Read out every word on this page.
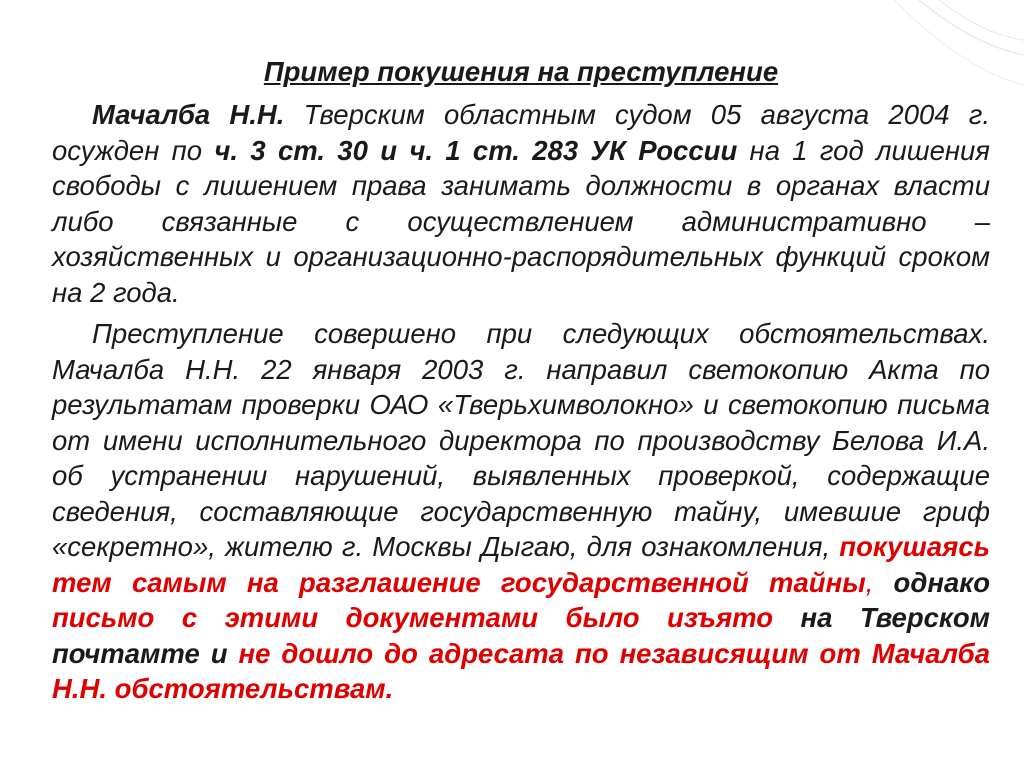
Пример покушения на преступление
Мачалба Н.Н. Тверским областным судом 05 августа 2004 г. осужден по ч. 3 ст. 30 и ч. 1 ст. 283 УК России на 1 год лишения свободы с лишением права занимать должности в органах власти либо связанные с осуществлением административно – хозяйственных и организационно-распорядительных функций сроком на 2 года.
Преступление совершено при следующих обстоятельствах. Мачалба Н.Н. 22 января 2003 г. направил светокопию Акта по результатам проверки ОАО «Тверьхимволокно» и светокопию письма от имени исполнительного директора по производству Белова И.А. об устранении нарушений, выявленных проверкой, содержащие сведения, составляющие государственную тайну, имевшие гриф «секретно», жителю г. Москвы Дыгаю, для ознакомления, покушаясь тем самым на разглашение государственной тайны, однако письмо с этими документами было изъято на Тверском почтамте и не дошло до адресата по независящим от Мачалба Н.Н. обстоятельствам.
